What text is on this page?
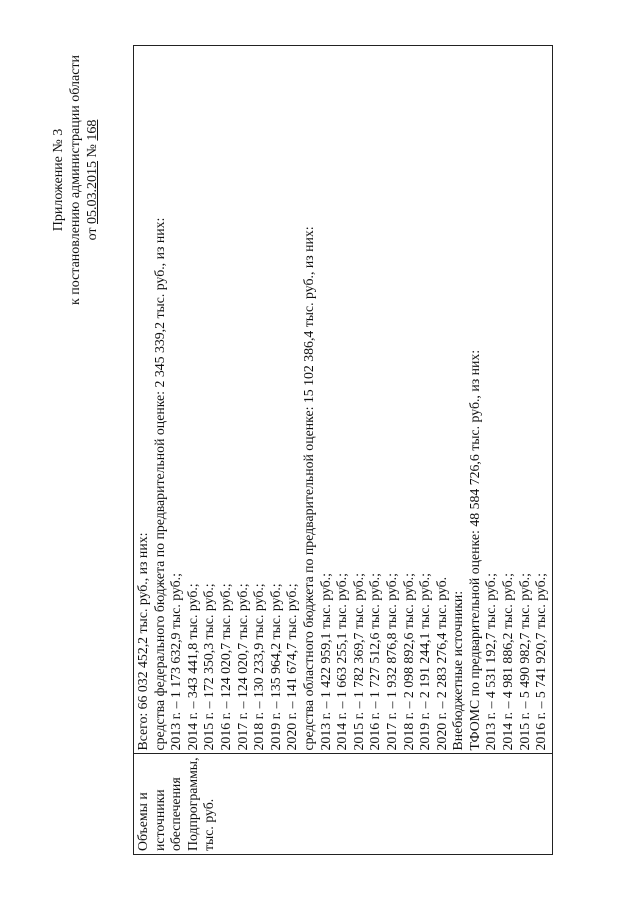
Приложение № 3 к постановлению администрации области от 05.03.2015 № 168
Объемы и источники обеспечения Подпрограммы, тыс. руб.

Всего: 66 032 452,2 тыс. руб., из них: средства федерального бюджета по предварительной оценке: 2 345 339,2 тыс. руб., из них: 2013 г. – 1 173 632,9 тыс. руб.; 2014 г. – 343 441,8 тыс. руб.; 2015 г. – 172 350,3 тыс. руб.; 2016 г. – 124 020,7 тыс. руб.; 2017 г. – 124 020,7 тыс. руб.; 2018 г. – 130 233,9 тыс. руб.; 2019 г. – 135 964,2 тыс. руб.; 2020 г. – 141 674,7 тыс. руб.; средства областного бюджета по предварительной оценке: 15 102 386,4 тыс. руб., из них: 2013 г. – 1 422 959,1 тыс. руб.; 2014 г. – 1 663 255,1 тыс. руб.; 2015 г. – 1 782 369,7 тыс. руб.; 2016 г. – 1 727 512,6 тыс. руб.; 2017 г. – 1 932 876,8 тыс. руб.; 2018 г. – 2 098 892,6 тыс. руб.; 2019 г. – 2 191 244,1 тыс. руб.; 2020 г. – 2 283 276,4 тыс. руб. Внебюджетные источники: ТФОМС по предварительной оценке: 48 584 726,6 тыс. руб., из них: 2013 г. – 4 531 192,7 тыс. руб.; 2014 г. – 4 981 886,2 тыс. руб.; 2015 г. – 5 490 982,7 тыс. руб.; 2016 г. – 5 741 920,7 тыс. руб.;
